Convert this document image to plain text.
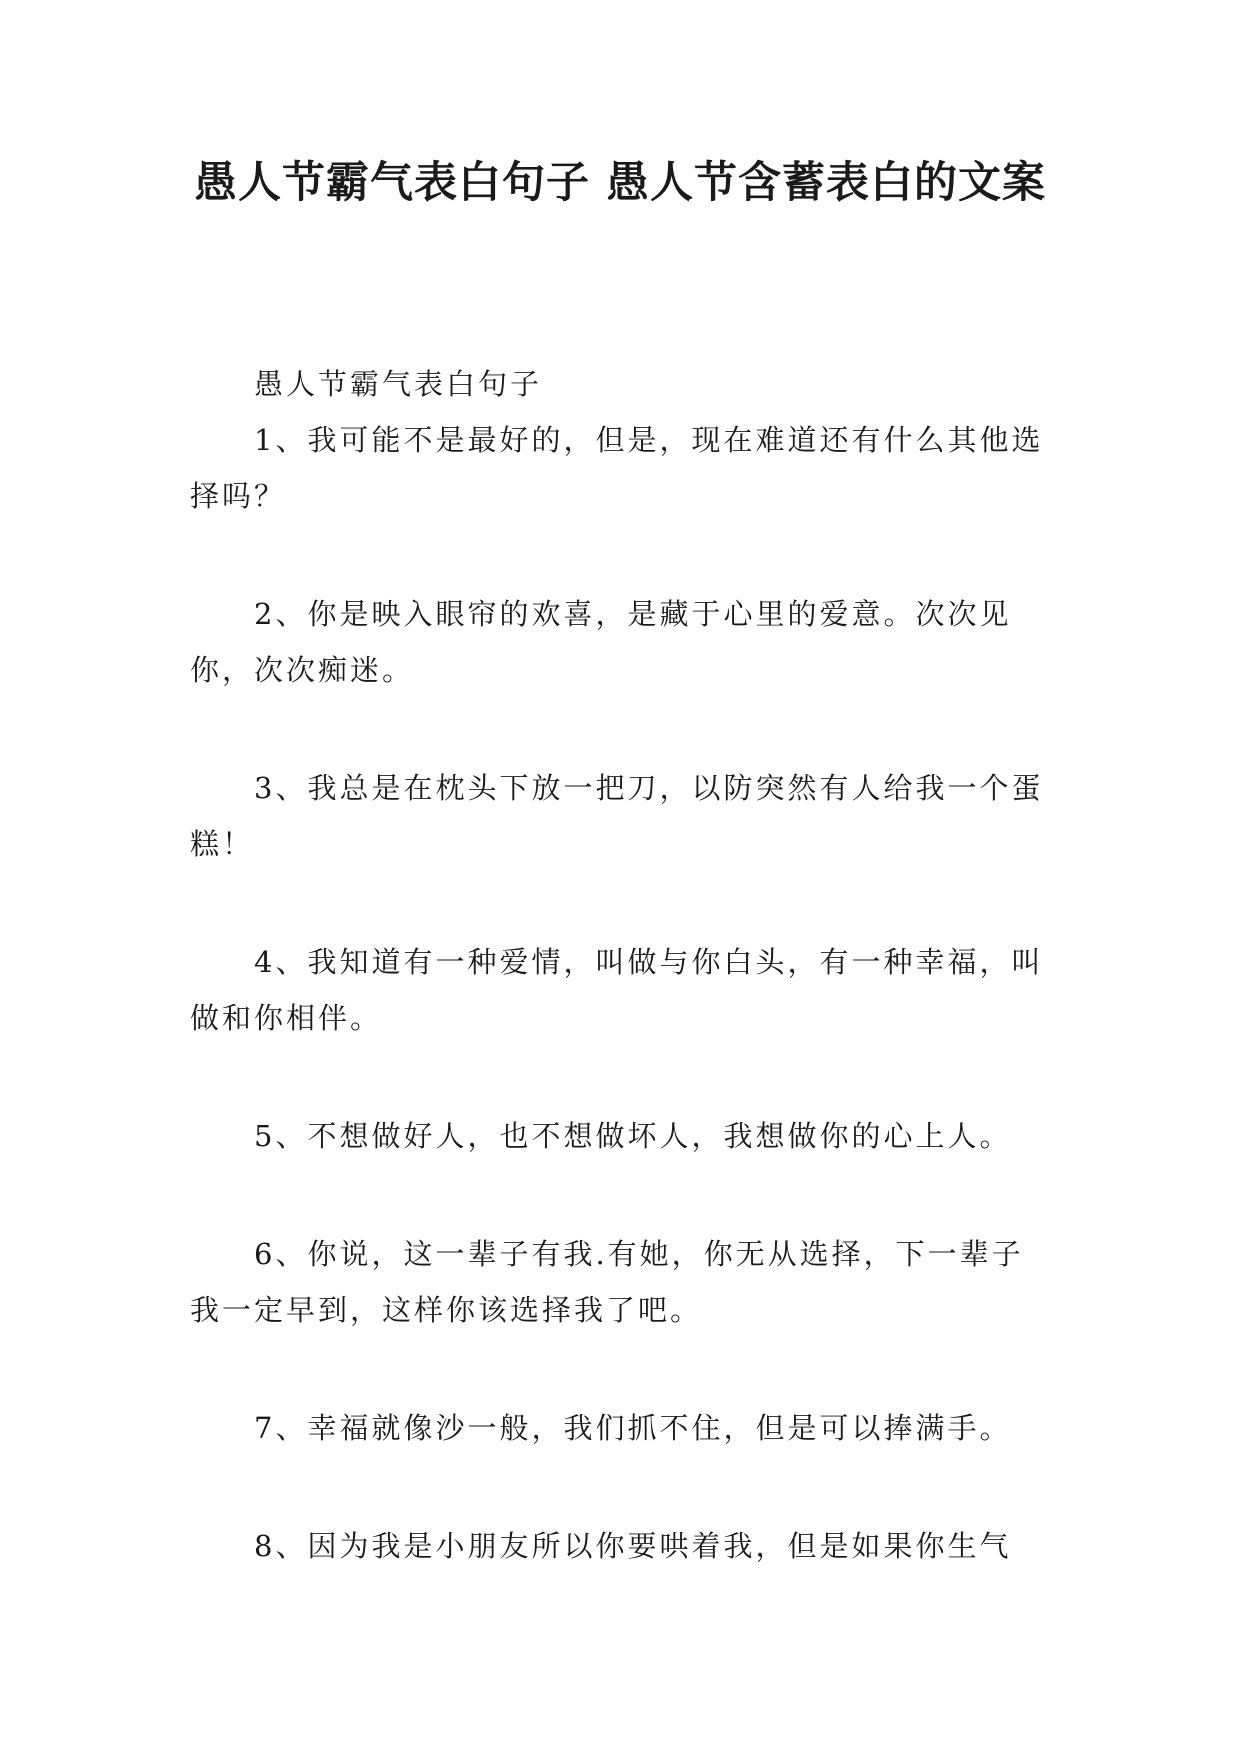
愚人节霸气表白句子 愚人节含蓄表白的文案

愚人节霸气表白句子

1、我可能不是最好的，但是，现在难道还有什么其他选择吗？

2、你是映入眼帘的欢喜，是藏于心里的爱意。次次见你，次次痴迷。

3、我总是在枕头下放一把刀，以防突然有人给我一个蛋糕！

4、我知道有一种爱情，叫做与你白头，有一种幸福，叫做和你相伴。

5、不想做好人，也不想做坏人，我想做你的心上人。

6、你说，这一辈子有我.有她，你无从选择，下一辈子我一定早到，这样你该选择我了吧。

7、幸福就像沙一般，我们抓不住，但是可以捧满手。

8、因为我是小朋友所以你要哄着我，但是如果你生气
